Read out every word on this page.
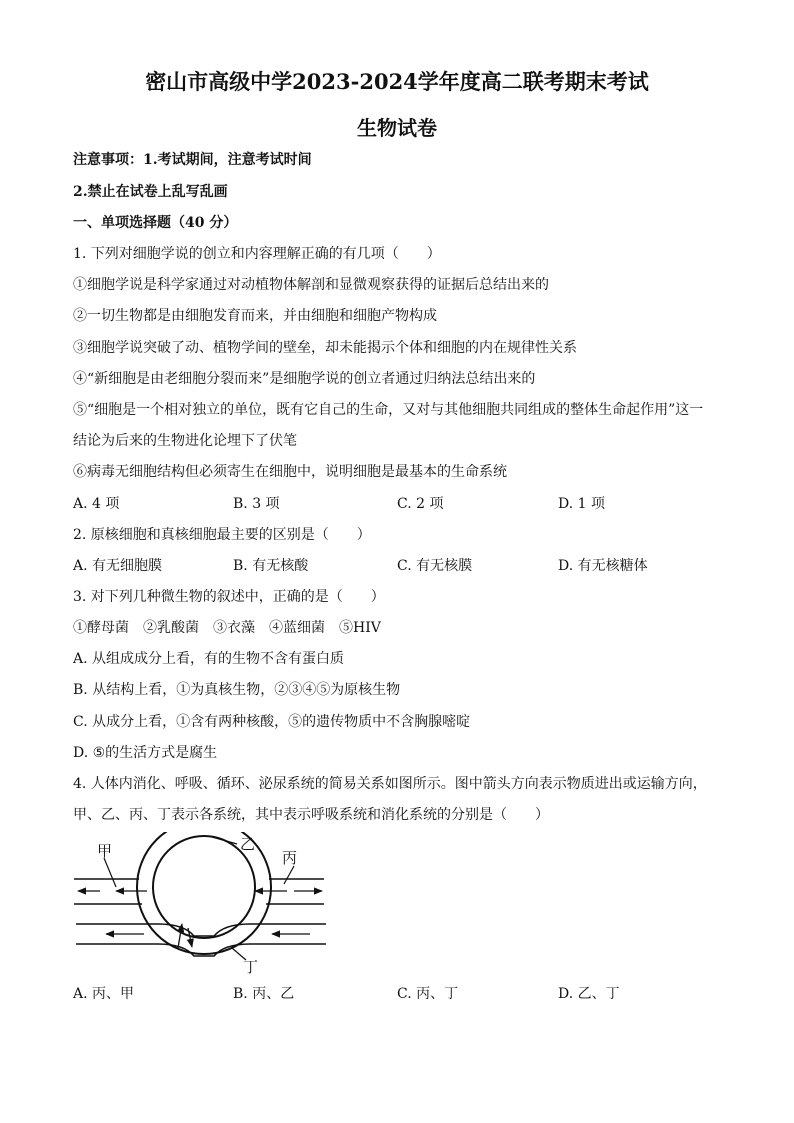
密山市高级中学2023-2024学年度高二联考期末考试
生物试卷
注意事项：1.考试期间，注意考试时间
2.禁止在试卷上乱写乱画
一、单项选择题（40 分）
1. 下列对细胞学说的创立和内容理解正确的有几项（　　）
①细胞学说是科学家通过对动植物体解剖和显微观察获得的证据后总结出来的
②一切生物都是由细胞发育而来，并由细胞和细胞产物构成
③细胞学说突破了动、植物学间的壁垒，却未能揭示个体和细胞的内在规律性关系
④“新细胞是由老细胞分裂而来”是细胞学说的创立者通过归纳法总结出来的
⑤“细胞是一个相对独立的单位，既有它自己的生命，又对与其他细胞共同组成的整体生命起作用”这一
结论为后来的生物进化论埋下了伏笔
⑥病毒无细胞结构但必须寄生在细胞中，说明细胞是最基本的生命系统
A. 4 项	B. 3 项	C. 2 项	D. 1 项
2. 原核细胞和真核细胞最主要的区别是（　　）
A. 有无细胞膜	B. 有无核酸	C. 有无核膜	D. 有无核糖体
3. 对下列几种微生物的叙述中，正确的是（　　）
①酵母菌　②乳酸菌　③衣藻　④蓝细菌　⑤HIV
A. 从组成成分上看，有的生物不含有蛋白质
B. 从结构上看，①为真核生物，②③④⑤为原核生物
C. 从成分上看，①含有两种核酸，⑤的遗传物质中不含胸腺嘧啶
D. ⑤的生活方式是腐生
4. 人体内消化、呼吸、循环、泌尿系统的简易关系如图所示。图中箭头方向表示物质进出或运输方向，
甲、乙、丙、丁表示各系统，其中表示呼吸系统和消化系统的分别是（　　）
甲	乙
丙
丁
A. 丙、甲	B. 丙、乙	C. 丙、丁	D. 乙、丁
